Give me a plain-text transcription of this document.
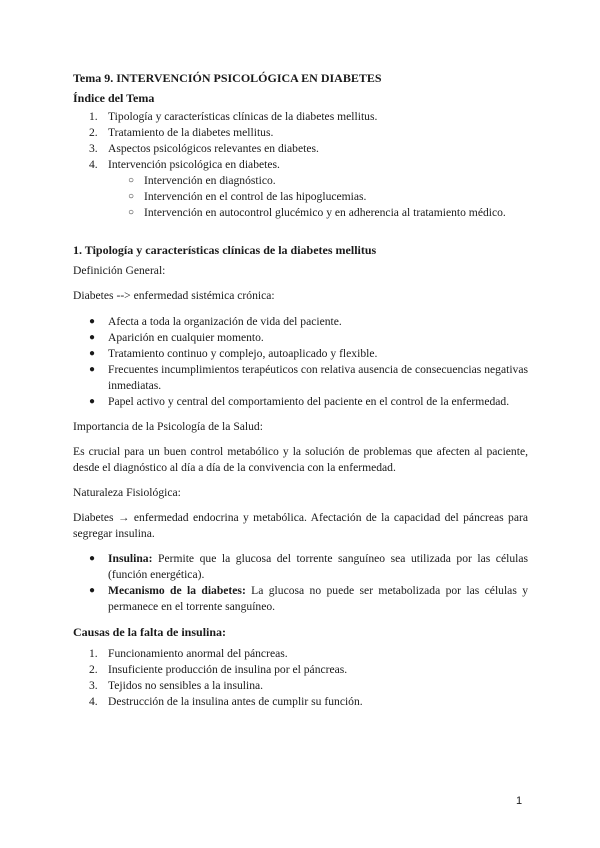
Tema 9. INTERVENCIÓN PSICOLÓGICA EN DIABETES
Índice del Tema
1. Tipología y características clínicas de la diabetes mellitus.
2. Tratamiento de la diabetes mellitus.
3. Aspectos psicológicos relevantes en diabetes.
4. Intervención psicológica en diabetes.
○ Intervención en diagnóstico.
○ Intervención en el control de las hipoglucemias.
○ Intervención en autocontrol glucémico y en adherencia al tratamiento médico.
1. Tipología y características clínicas de la diabetes mellitus

Definición General:

Diabetes --> enfermedad sistémica crónica:

● Afecta a toda la organización de vida del paciente.
● Aparición en cualquier momento.
● Tratamiento continuo y complejo, autoaplicado y flexible.
● Frecuentes incumplimientos terapéuticos con relativa ausencia de consecuencias negativas inmediatas.
● Papel activo y central del comportamiento del paciente en el control de la enfermedad.

Importancia de la Psicología de la Salud:

Es crucial para un buen control metabólico y la solución de problemas que afecten al paciente, desde el diagnóstico al día a día de la convivencia con la enfermedad.

Naturaleza Fisiológica:

Diabetes → enfermedad endocrina y metabólica. Afectación de la capacidad del páncreas para segregar insulina.

● Insulina: Permite que la glucosa del torrente sanguíneo sea utilizada por las células (función energética).
● Mecanismo de la diabetes: La glucosa no puede ser metabolizada por las células y permanece en el torrente sanguíneo.
Causas de la falta de insulina:
1. Funcionamiento anormal del páncreas.
2. Insuficiente producción de insulina por el páncreas.
3. Tejidos no sensibles a la insulina.
4. Destrucción de la insulina antes de cumplir su función.
1
